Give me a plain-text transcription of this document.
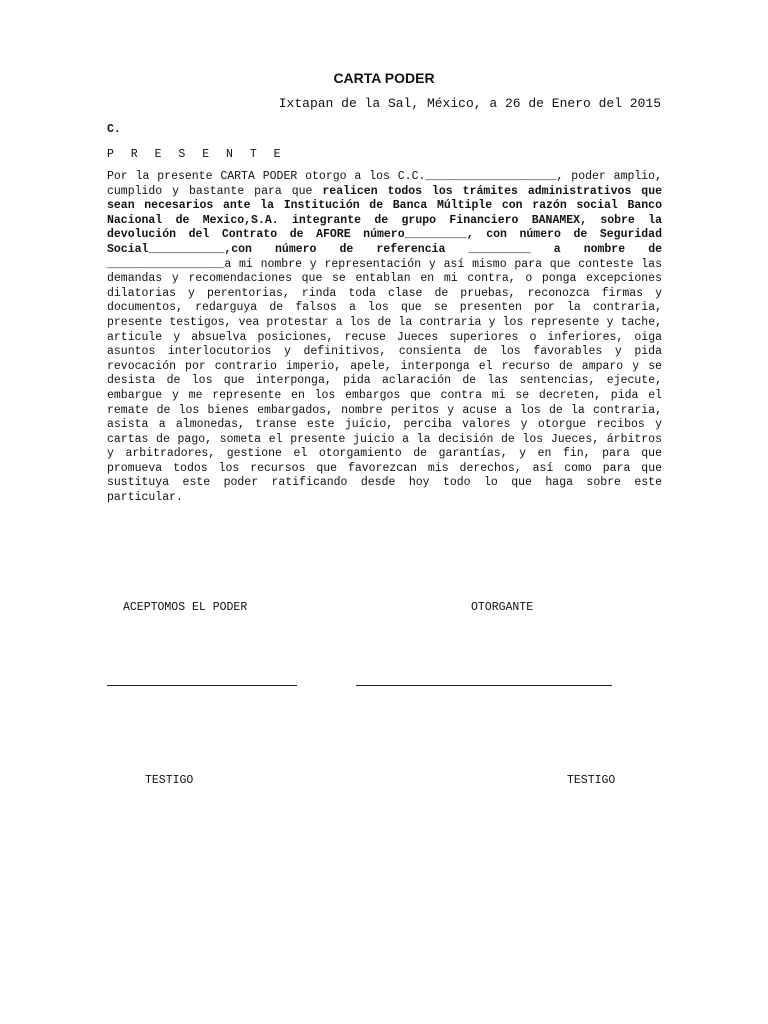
CARTA PODER
Ixtapan de la Sal, México, a 26 de Enero del 2015
C.
P R E S E N T E
Por la presente CARTA PODER otorgo a los C.C.___________________, poder amplio, cumplido y bastante para que realicen todos los trámites administrativos que sean necesarios ante la Institución de Banca Múltiple con razón social Banco Nacional de Mexico,S.A. integrante de grupo Financiero BANAMEX, sobre la devolución del Contrato de AFORE número_________, con número de Seguridad Social___________,con número de referencia _________ a nombre de _________________a mi nombre y representación y así mismo para que conteste las demandas y recomendaciones que se entablan en mi contra, o ponga excepciones dilatorias y perentorias, rinda toda clase de pruebas, reconozca firmas y documentos, redarguya de falsos a los que se presenten por la contraria, presente testigos, vea protestar a los de la contraria y los represente y tache, articule y absuelva posiciones, recuse Jueces superiores o inferiores, oiga asuntos interlocutorios y definitivos, consienta de los favorables y pida revocación por contrario imperio, apele, interponga el recurso de amparo y se desista de los que interponga, pida aclaración de las sentencias, ejecute, embargue y me represente en los embargos que contra mi se decreten, pida el remate de los bienes embargados, nombre peritos y acuse a los de la contraria, asista a almonedas, transe este juicio, perciba valores y otorgue recibos y cartas de pago, someta el presente juicio a la decisión de los Jueces, árbitros y arbitradores, gestione el otorgamiento de garantías, y en fin, para que promueva todos los recursos que favorezcan mis derechos, así como para que sustituya este poder ratificando desde hoy todo lo que haga sobre este particular.
ACEPTOMOS EL PODER	OTORGANTE
TESTIGO	TESTIGO
